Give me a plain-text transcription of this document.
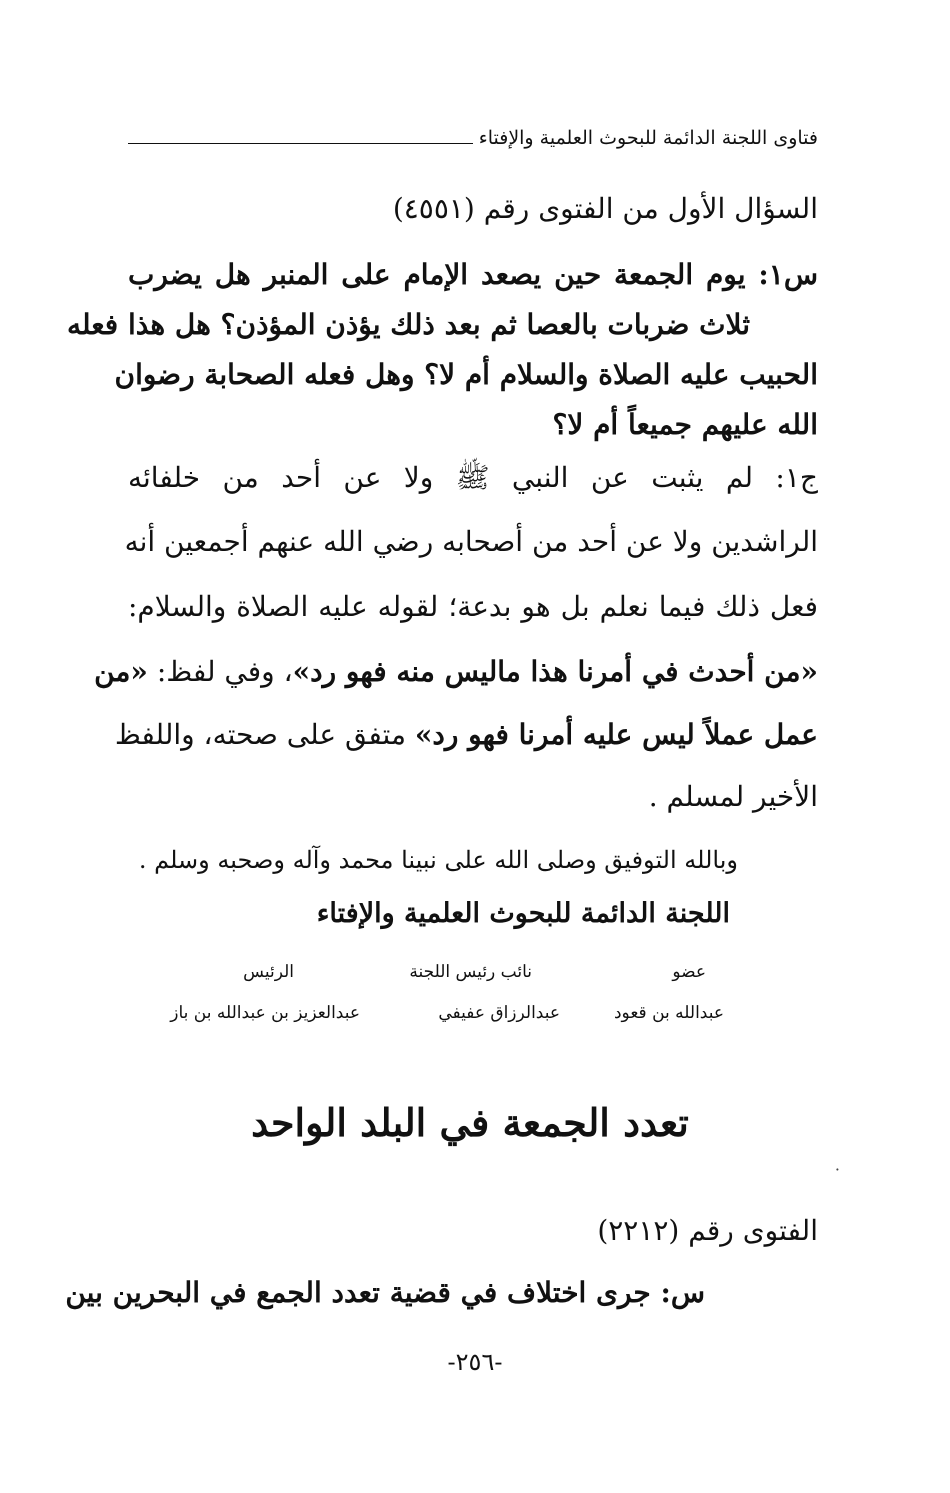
فتاوى اللجنة الدائمة للبحوث العلمية والإفتاء
السؤال الأول من الفتوى رقم (٤٥٥١)
س١: يوم الجمعة حين يصعد الإمام على المنبر هل يضرب
ثلاث ضربات بالعصا ثم بعد ذلك يؤذن المؤذن؟ هل هذا فعله
الحبيب عليه الصلاة والسلام أم لا؟ وهل فعله الصحابة رضوان
الله عليهم جميعاً أم لا؟
ج١: لم يثبت عن النبي ﷺ ولا عن أحد من خلفائه
الراشدين ولا عن أحد من أصحابه رضي الله عنهم أجمعين أنه
فعل ذلك فيما نعلم بل هو بدعة؛ لقوله عليه الصلاة والسلام:
«من أحدث في أمرنا هذا ماليس منه فهو رد»، وفي لفظ: «من
عمل عملاً ليس عليه أمرنا فهو رد» متفق على صحته، واللفظ
الأخير لمسلم .
وبالله التوفيق وصلى الله على نبينا محمد وآله وصحبه وسلم .
اللجنة الدائمة للبحوث العلمية والإفتاء
عضو
نائب رئيس اللجنة
الرئيس
عبدالله بن قعود
عبدالرزاق عفيفي
عبدالعزيز بن عبدالله بن باز
تعدد الجمعة في البلد الواحد
·
الفتوى رقم (٢٢١٢)
س: جرى اختلاف في قضية تعدد الجمع في البحرين بين
-٢٥٦-
